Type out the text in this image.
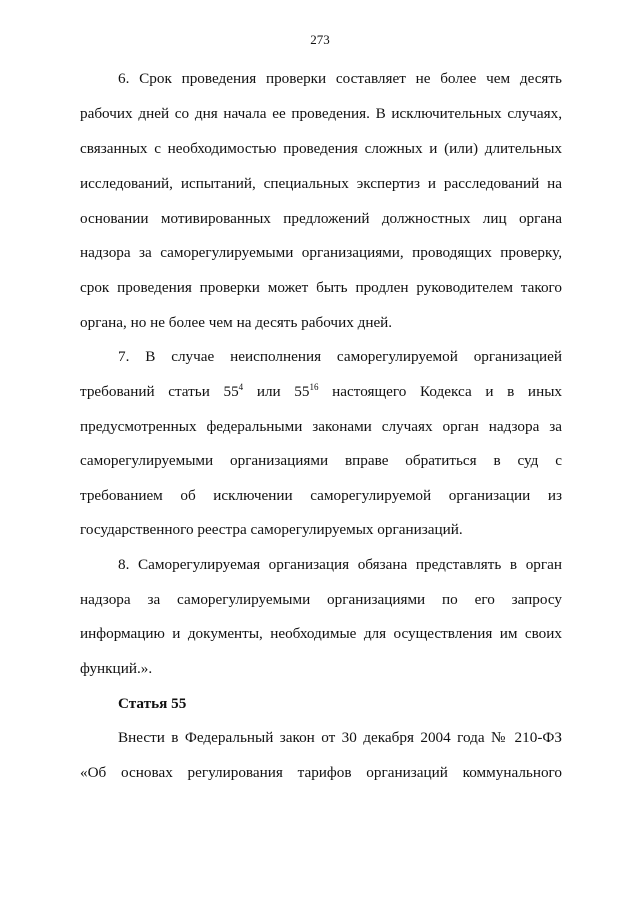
273
6. Срок проведения проверки составляет не более чем десять
рабочих дней со дня начала ее проведения. В исключительных случаях,
связанных с необходимостью проведения сложных и (или) длительных
исследований, испытаний, специальных экспертиз и расследований на
основании мотивированных предложений должностных лиц органа
надзора за саморегулируемыми организациями, проводящих проверку,
срок проведения проверки может быть продлен руководителем такого
органа, но не более чем на десять рабочих дней.
7. В случае неисполнения саморегулируемой организацией
требований статьи $55^4$ или $55^{16}$ настоящего Кодекса и в иных
предусмотренных федеральными законами случаях орган надзора за
саморегулируемыми организациями вправе обратиться в суд с
требованием об исключении саморегулируемой организации из
государственного реестра саморегулируемых организаций.
8. Саморегулируемая организация обязана представлять в орган
надзора за саморегулируемыми организациями по его запросу
информацию и документы, необходимые для осуществления им своих
функций.».
Статья 55
Внести в Федеральный закон от 30 декабря 2004 года № 210-ФЗ
«Об основах регулирования тарифов организаций коммунального
